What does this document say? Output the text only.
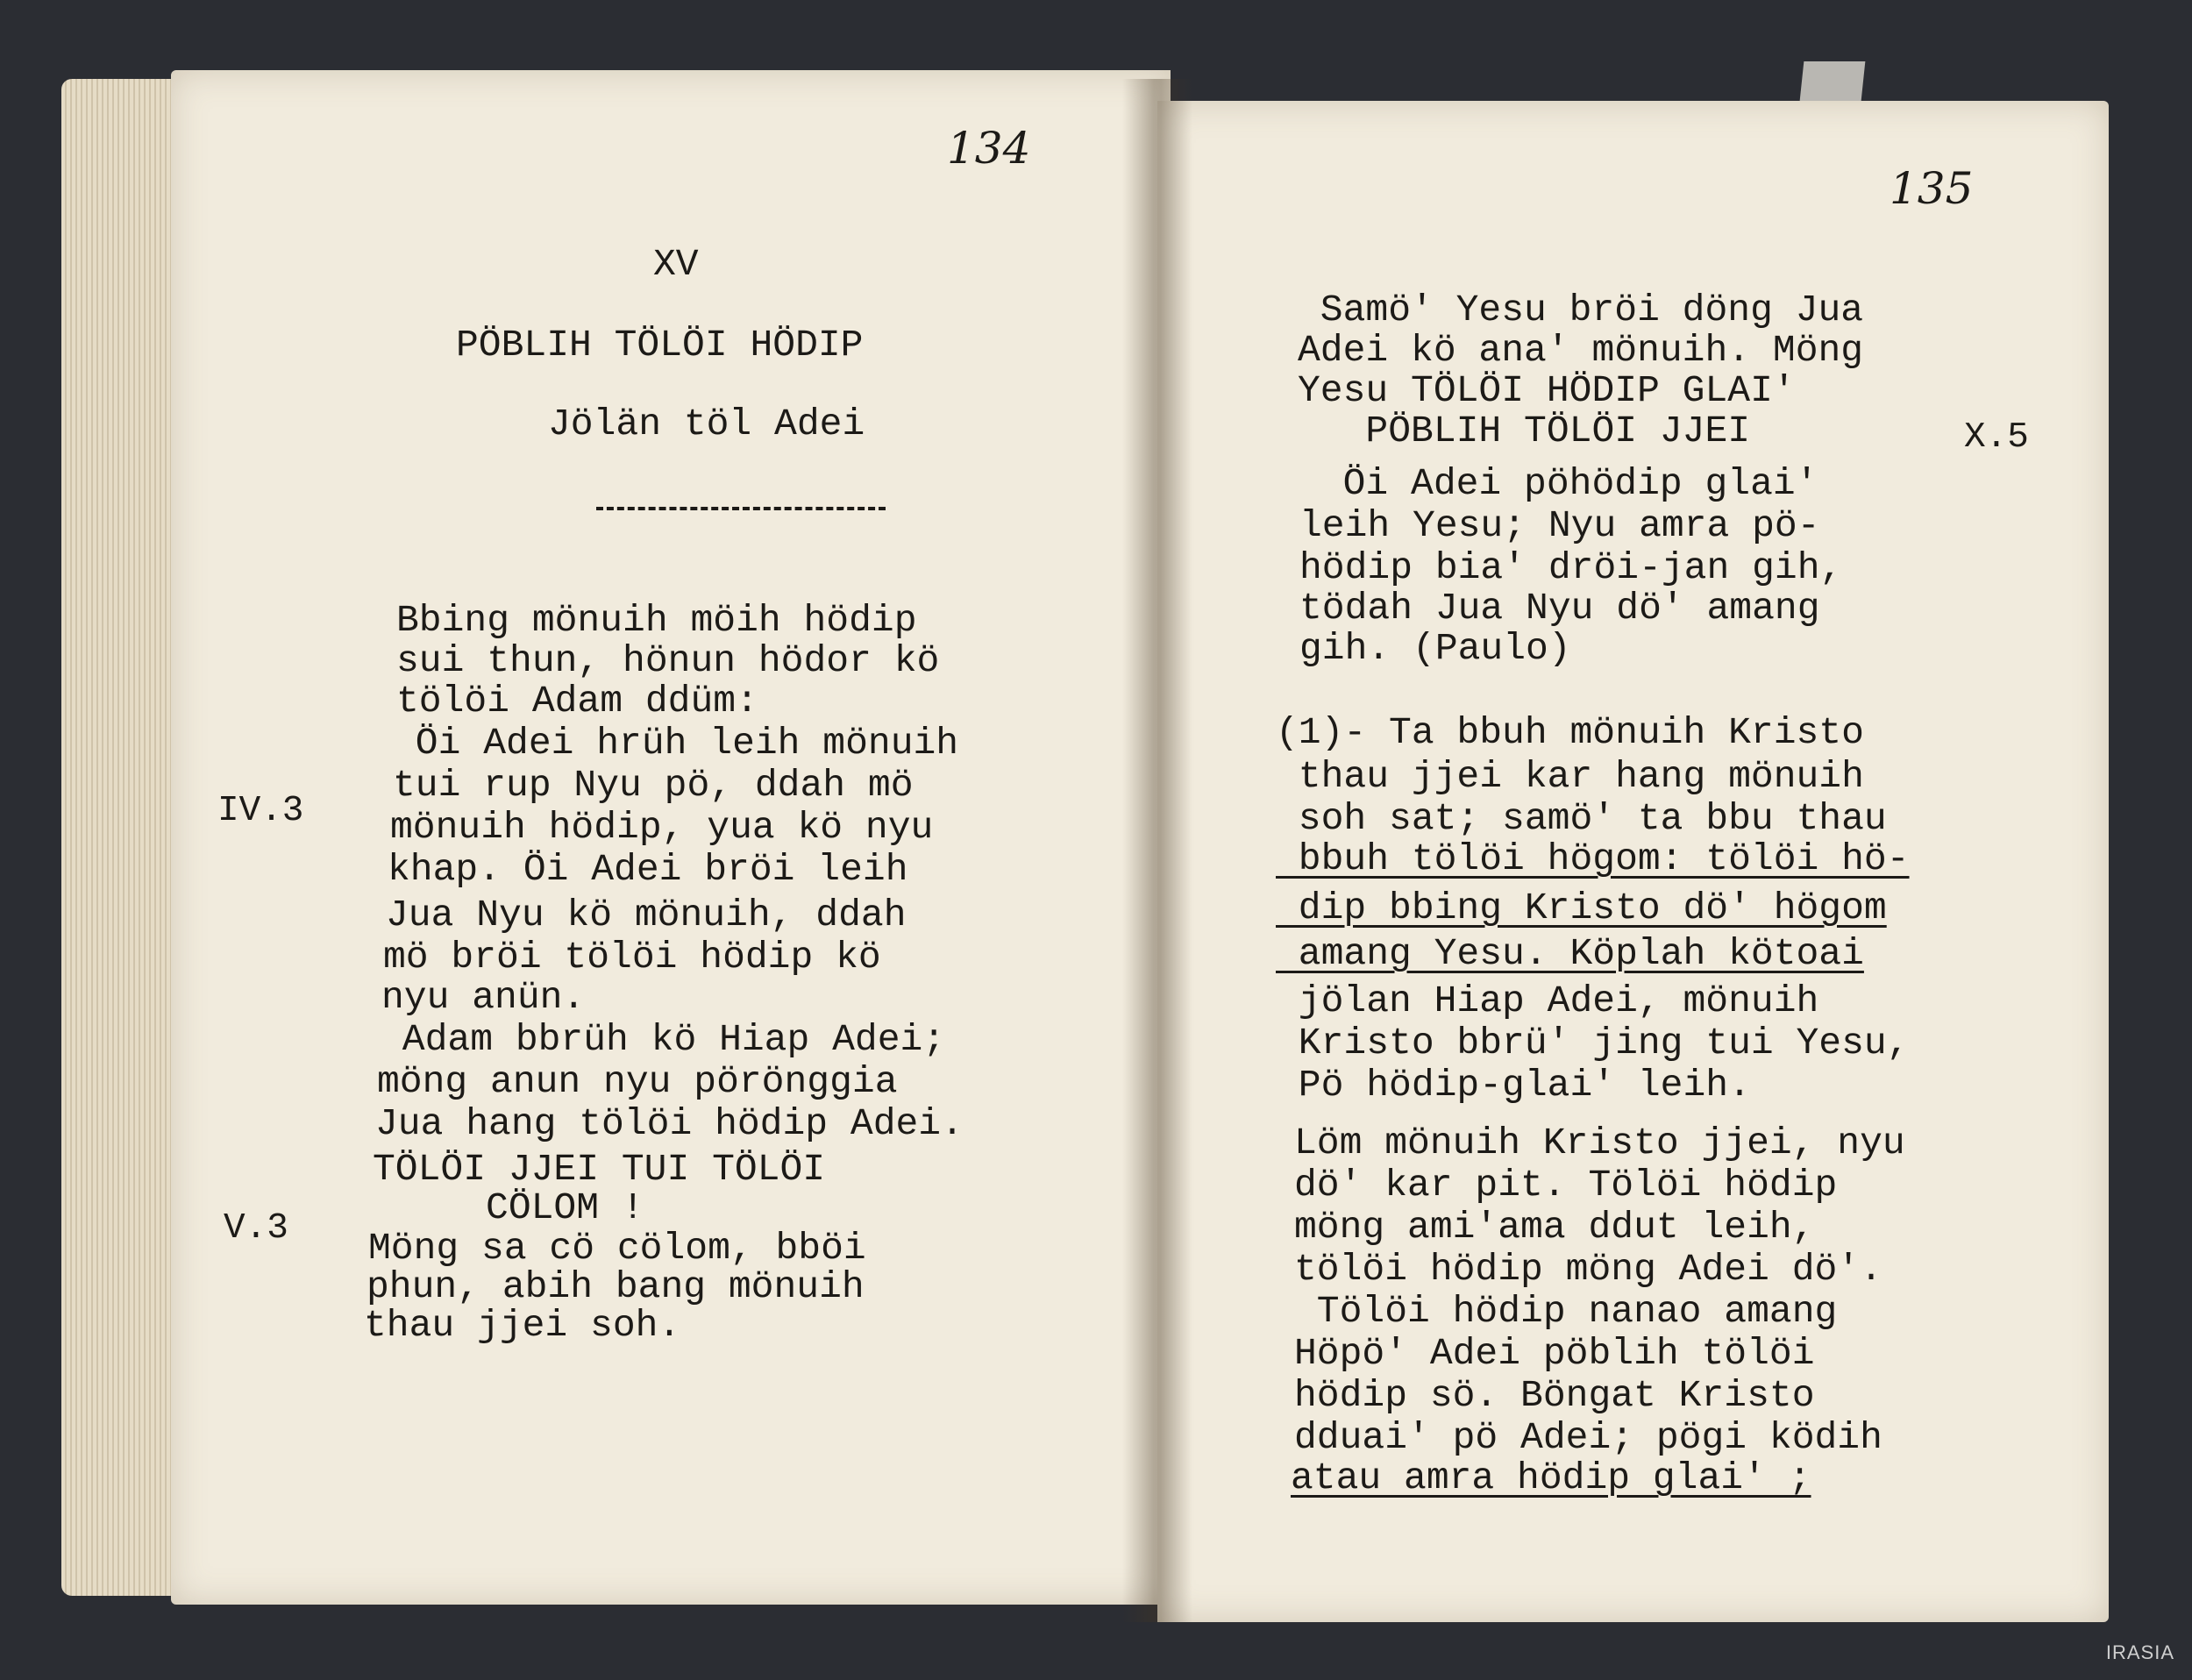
134
XV
PÖBLIH TÖLÖI HÖDIP
Jölän töl Adei
IV.3
V.3
Bbing mönuih möih hödip
sui thun, hönun hödor kö
tölöi Adam ddüm:
Öi Adei hrüh leih mönuih
tui rup Nyu pö, ddah mö
mönuih hödip, yua kö nyu
khap. Öi Adei bröi leih
Jua Nyu kö mönuih, ddah
mö bröi tölöi hödip kö
nyu anün.
Adam bbrüh kö Hiap Adei;
möng anun nyu pörönggia
Jua hang tölöi hödip Adei.
TÖLÖI JJEI TUI TÖLÖI
CÖLOM !
Möng sa cö cölom, bböi
phun, abih bang mönuih
thau jjei soh.
135
X.5
Samö' Yesu bröi döng Jua
Adei kö ana' mönuih. Möng
Yesu TÖLÖI HÖDIP GLAI'
PÖBLIH TÖLÖI JJEI
Öi Adei pöhödip glai'
leih Yesu; Nyu amra pö-
hödip bia' dröi-jan gih,
tödah Jua Nyu dö' amang
gih. (Paulo)
(1)- Ta bbuh mönuih Kristo
thau jjei kar hang mönuih
soh sat; samö' ta bbu thau
bbuh tölöi högom: tölöi hö-
dip bbing Kristo dö' högom
amang Yesu. Köplah kötoai
jölan Hiap Adei, mönuih
Kristo bbrü' jing tui Yesu,
Pö hödip-glai' leih.
Löm mönuih Kristo jjei, nyu
dö' kar pit. Tölöi hödip
möng ami'ama ddut leih,
tölöi hödip möng Adei dö'.
Tölöi hödip nanao amang
Höpö' Adei pöblih tölöi
hödip sö. Böngat Kristo
dduai' pö Adei; pögi ködih
atau amra hödip glai' ;
IRASIA
